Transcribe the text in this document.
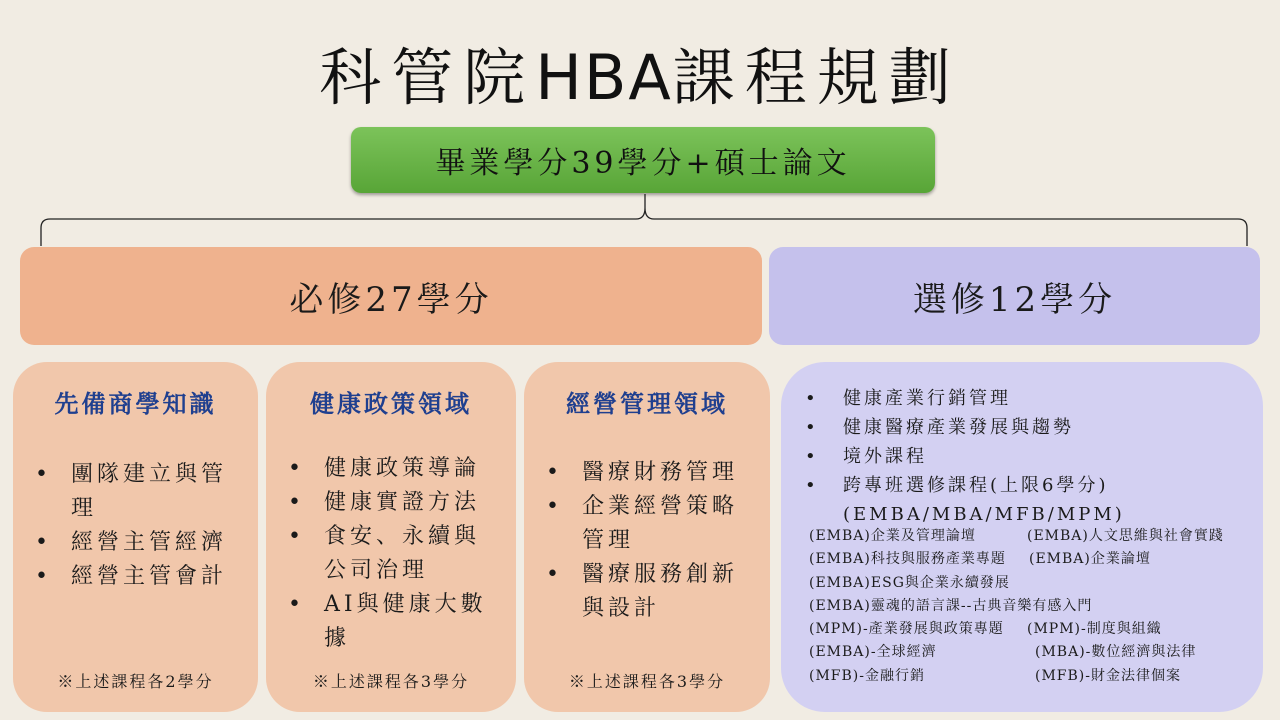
科管院HBA課程規劃
畢業學分39學分+碩士論文
必修27學分	選修12學分
先備商學知識
• 團隊建立與管理
• 經營主管經濟
• 經營主管會計
※上述課程各2學分
健康政策領域
• 健康政策導論
• 健康實證方法
• 食安、永續與公司治理
• AI與健康大數據
※上述課程各3學分
經營管理領域
• 醫療財務管理
• 企業經營策略管理
• 醫療服務創新與設計
※上述課程各3學分
• 健康產業行銷管理
• 健康醫療產業發展與趨勢
• 境外課程
• 跨專班選修課程(上限6學分)(EMBA/MBA/MFB/MPM)
(EMBA)企業及管理論壇	(EMBA)人文思維與社會實踐
(EMBA)科技與服務產業專題 (EMBA)企業論壇
(EMBA)ESG與企業永續發展
(EMBA)靈魂的語言課--古典音樂有感入門
(MPM)-產業發展與政策專題 (MPM)-制度與組織
(EMBA)-全球經濟	(MBA)-數位經濟與法律
(MFB)-金融行銷	(MFB)-財金法律個案
